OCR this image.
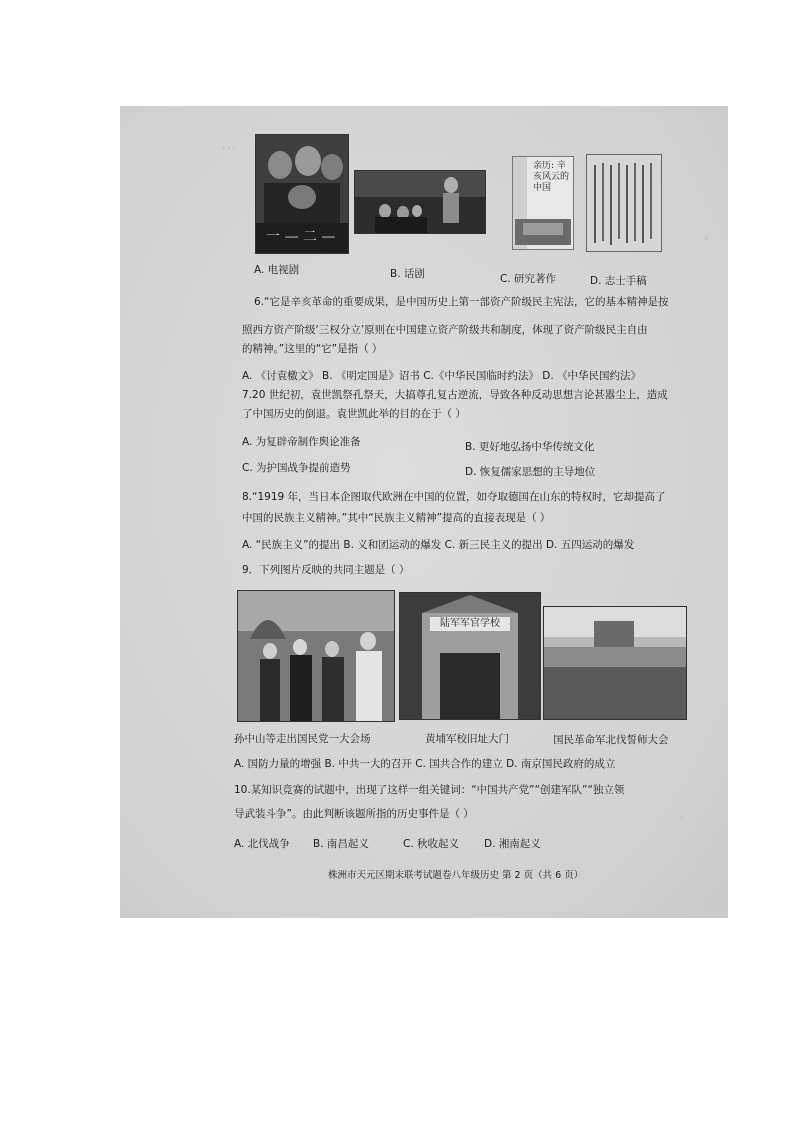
，，，
，
，
一 — 二 —
亲历: 辛亥风云的中国
A. 电视剧	B. 话剧	C. 研究著作	D. 志士手稿
6.“它是辛亥革命的重要成果，是中国历史上第一部资产阶级民主宪法，它的基本精神是按
照西方资产阶级‘三权分立’原则在中国建立资产阶级共和制度，体现了资产阶级民主自由
的精神。”这里的“它”是指（ ）
A. 《讨袁檄文》 B. 《明定国是》诏书 C.《中华民国临时约法》 D. 《中华民国约法》
7.20 世纪初，袁世凯祭孔祭天，大搞尊孔复古逆流，导致各种反动思想言论甚嚣尘上，造成
了中国历史的倒退。袁世凯此举的目的在于（ ）
A. 为复辟帝制作舆论准备	B. 更好地弘扬中华传统文化
C. 为护国战争提前造势	D. 恢复儒家思想的主导地位
8.“1919 年，当日本企图取代欧洲在中国的位置，如夺取德国在山东的特权时，它却提高了
中国的民族主义精神。”其中“民族主义精神”提高的直接表现是（ ）
A. “民族主义”的提出 B. 义和团运动的爆发 C. 新三民主义的提出 D. 五四运动的爆发
9．下列图片反映的共同主题是（ ）
陆军军官学校
孙中山等走出国民党一大会场	黄埔军校旧址大门	国民革命军北伐誓师大会
A. 国防力量的增强 B. 中共一大的召开 C. 国共合作的建立 D. 南京国民政府的成立
10.某知识竞赛的试题中，出现了这样一组关键词：“中国共产党”“创建军队”“独立领
导武装斗争”。由此判断该题所指的历史事件是（ ）
A. 北伐战争 B. 南昌起义	C. 秋收起义 D. 湘南起义
株洲市天元区期末联考试题卷八年级历史 第 2 页（共 6 页）
